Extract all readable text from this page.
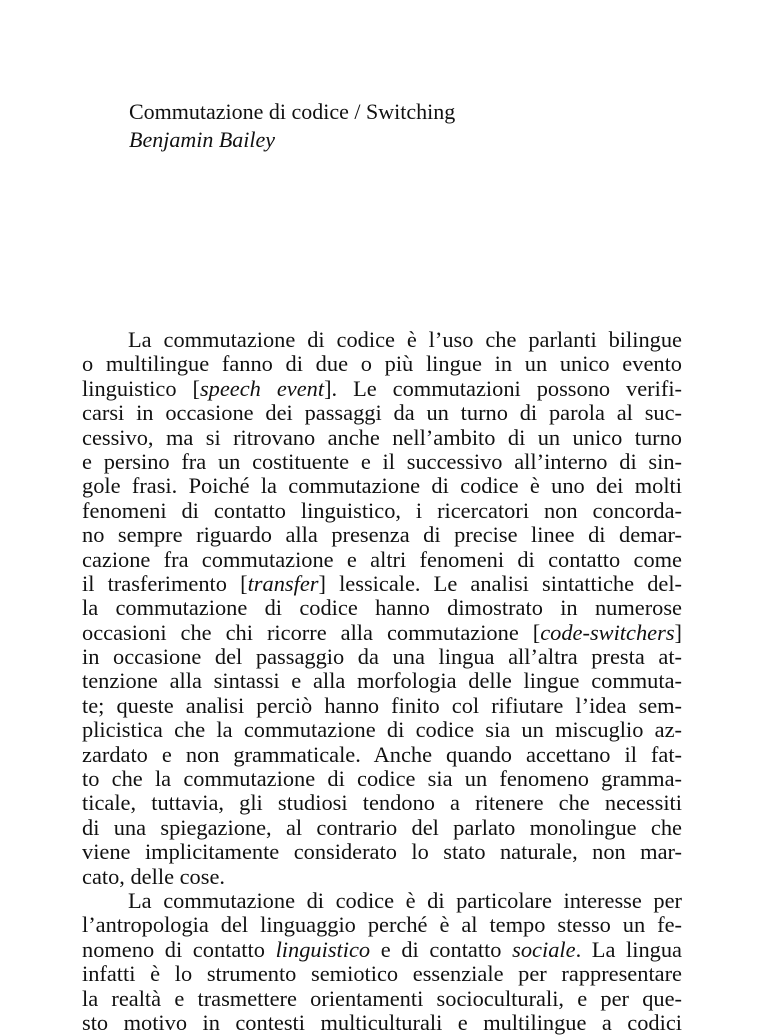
Commutazione di codice / Switching
Benjamin Bailey
La commutazione di codice è l’uso che parlanti bilingue
o multilingue fanno di due o più lingue in un unico evento
linguistico [speech event]. Le commutazioni possono verifi-
carsi in occasione dei passaggi da un turno di parola al suc-
cessivo, ma si ritrovano anche nell’ambito di un unico turno
e persino fra un costituente e il successivo all’interno di sin-
gole frasi. Poiché la commutazione di codice è uno dei molti
fenomeni di contatto linguistico, i ricercatori non concorda-
no sempre riguardo alla presenza di precise linee di demar-
cazione fra commutazione e altri fenomeni di contatto come
il trasferimento [transfer] lessicale. Le analisi sintattiche del-
la commutazione di codice hanno dimostrato in numerose
occasioni che chi ricorre alla commutazione [code-switchers]
in occasione del passaggio da una lingua all’altra presta at-
tenzione alla sintassi e alla morfologia delle lingue commuta-
te; queste analisi perciò hanno finito col rifiutare l’idea sem-
plicistica che la commutazione di codice sia un miscuglio az-
zardato e non grammaticale. Anche quando accettano il fat-
to che la commutazione di codice sia un fenomeno gramma-
ticale, tuttavia, gli studiosi tendono a ritenere che necessiti
di una spiegazione, al contrario del parlato monolingue che
viene implicitamente considerato lo stato naturale, non mar-
cato, delle cose.
La commutazione di codice è di particolare interesse per
l’antropologia del linguaggio perché è al tempo stesso un fe-
nomeno di contatto linguistico e di contatto sociale. La lingua
infatti è lo strumento semiotico essenziale per rappresentare
la realtà e trasmettere orientamenti socioculturali, e per que-
sto motivo in contesti multiculturali e multilingue a codici
